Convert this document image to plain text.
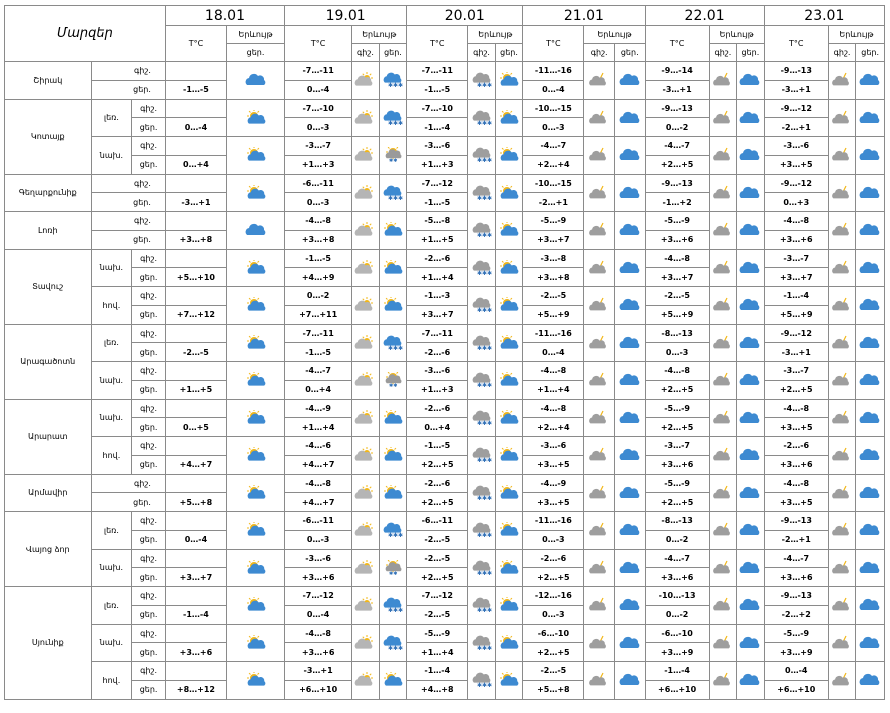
Մարզեր			18.01		19.01			20.01			21.01			22.01			23.01		
			T°C	Երևույթ	T°C	Երևույթ		T°C	Երևույթ		T°C	Երևույթ		T°C	Երևույթ		T°C	Երևույթ	
				ցեր.		գիշ.	ցեր.		գիշ.	ցեր.		գիշ.	ցեր.		գիշ.	ցեր.		գիշ.	ցեր.
Շիրակ	գիշ.				-7…-11		✱✱✱	-7…-11	✱✱✱		-11…-16			-9…-14			-9…-13	

	ցեր.		-1…-5		0…-4			-1…-5			0…-4			-3…+1			-3…+1		
Կոտայք	լեռ.	գիշ.			-7…-10		✱✱✱	-7…-10	✱✱✱		-10…-15			-9…-13			-9…-12	

		ցեր.	0…-4		0…-3			-1…-4			0…-3			0…-2			-2…+1		
	նախ.	գիշ.			-3…-7		✱✱	-3…-6	✱✱✱		-4…-7			-4…-7			-3…-6	

		ցեր.	0…+4		+1…+3			+1…+3			+2…+4			+2…+5			+3…+5		
Գեղարքունիք	գիշ.				-6…-11		✱✱✱	-7…-12	✱✱✱		-10…-15			-9…-13			-9…-12	

	ցեր.		-3…+1		0…-3			-1…-5			-2…+1			-1…+2			0…+3		
Լոռի	գիշ.				-4…-8			-5…-8	✱✱✱		-5…-9			-5…-9			-4…-8	

	ցեր.		+3…+8		+3…+8			+1…+5			+3…+7			+3…+6			+3…+6		
Տավուշ	նախ.	գիշ.			-1…-5			-2…-6	✱✱✱		-3…-8			-4…-8			-3…-7	

		ցեր.	+5…+10		+4…+9			+1…+4			+3…+8			+3…+7			+3…+7		
	հով.	գիշ.			0…-2			-1…-3	✱✱✱		-2…-5			-2…-5			-1…-4	

		ցեր.	+7…+12		+7…+11			+3…+7			+5…+9			+5…+9			+5…+9		
Արագածոտն	լեռ.	գիշ.			-7…-11		✱✱✱	-7…-11	✱✱✱		-11…-16			-8…-13			-9…-12	

		ցեր.	-2…-5		-1…-5			-2…-6			0…-4			0…-3			-3…+1		
	նախ.	գիշ.			-4…-7		✱✱	-3…-6	✱✱✱		-4…-8			-4…-8			-3…-7	

		ցեր.	+1…+5		0…+4			+1…+3			+1…+4			+2…+5			+2…+5		
Արարատ	նախ.	գիշ.			-4…-9			-2…-6	✱✱✱		-4…-8			-5…-9			-4…-8	

		ցեր.	0…+5		+1…+4			0…+4			+2…+4			+2…+5			+3…+5		
	հով.	գիշ.			-4…-6			-1…-5	✱✱✱		-3…-6			-3…-7			-2…-6	

		ցեր.	+4…+7		+4…+7			+2…+5			+3…+5			+3…+6			+3…+6		
Արմավիր	գիշ.				-4…-8			-2…-6	✱✱✱		-4…-9			-5…-9			-4…-8	

	ցեր.		+5…+8		+4…+7			+2…+5			+3…+5			+2…+5			+3…+5		
Վայոց ձոր	լեռ.	գիշ.			-6…-11		✱✱✱	-6…-11	✱✱✱		-11…-16			-8…-13			-9…-13	

		ցեր.	0…-4		0…-3			-2…-5			0…-3			0…-2			-2…+1		
	նախ.	գիշ.			-3…-6		✱✱	-2…-5	✱✱✱		-2…-6			-4…-7			-4…-7	

		ցեր.	+3…+7		+3…+6			+2…+5			+2…+5			+3…+6			+3…+6		
Սյունիք	լեռ.	գիշ.			-7…-12		✱✱✱	-7…-12	✱✱✱		-12…-16			-10…-13			-9…-13	

		ցեր.	-1…-4		0…-4			-2…-5			0…-3			0…-2			-2…+2		
	նախ.	գիշ.			-4…-8		✱✱✱	-5…-9	✱✱✱		-6…-10			-6…-10			-5…-9	

		ցեր.	+3…+6		+3…+6			+1…+4			+2…+5			+3…+9			+3…+9		
	հով.	գիշ.			-3…+1			-1…-4	✱✱✱		-2…-5			-1…-4			0…-4	

		ցեր.	+8…+12		+6…+10			+4…+8			+5…+8			+6…+10			+6…+10		
